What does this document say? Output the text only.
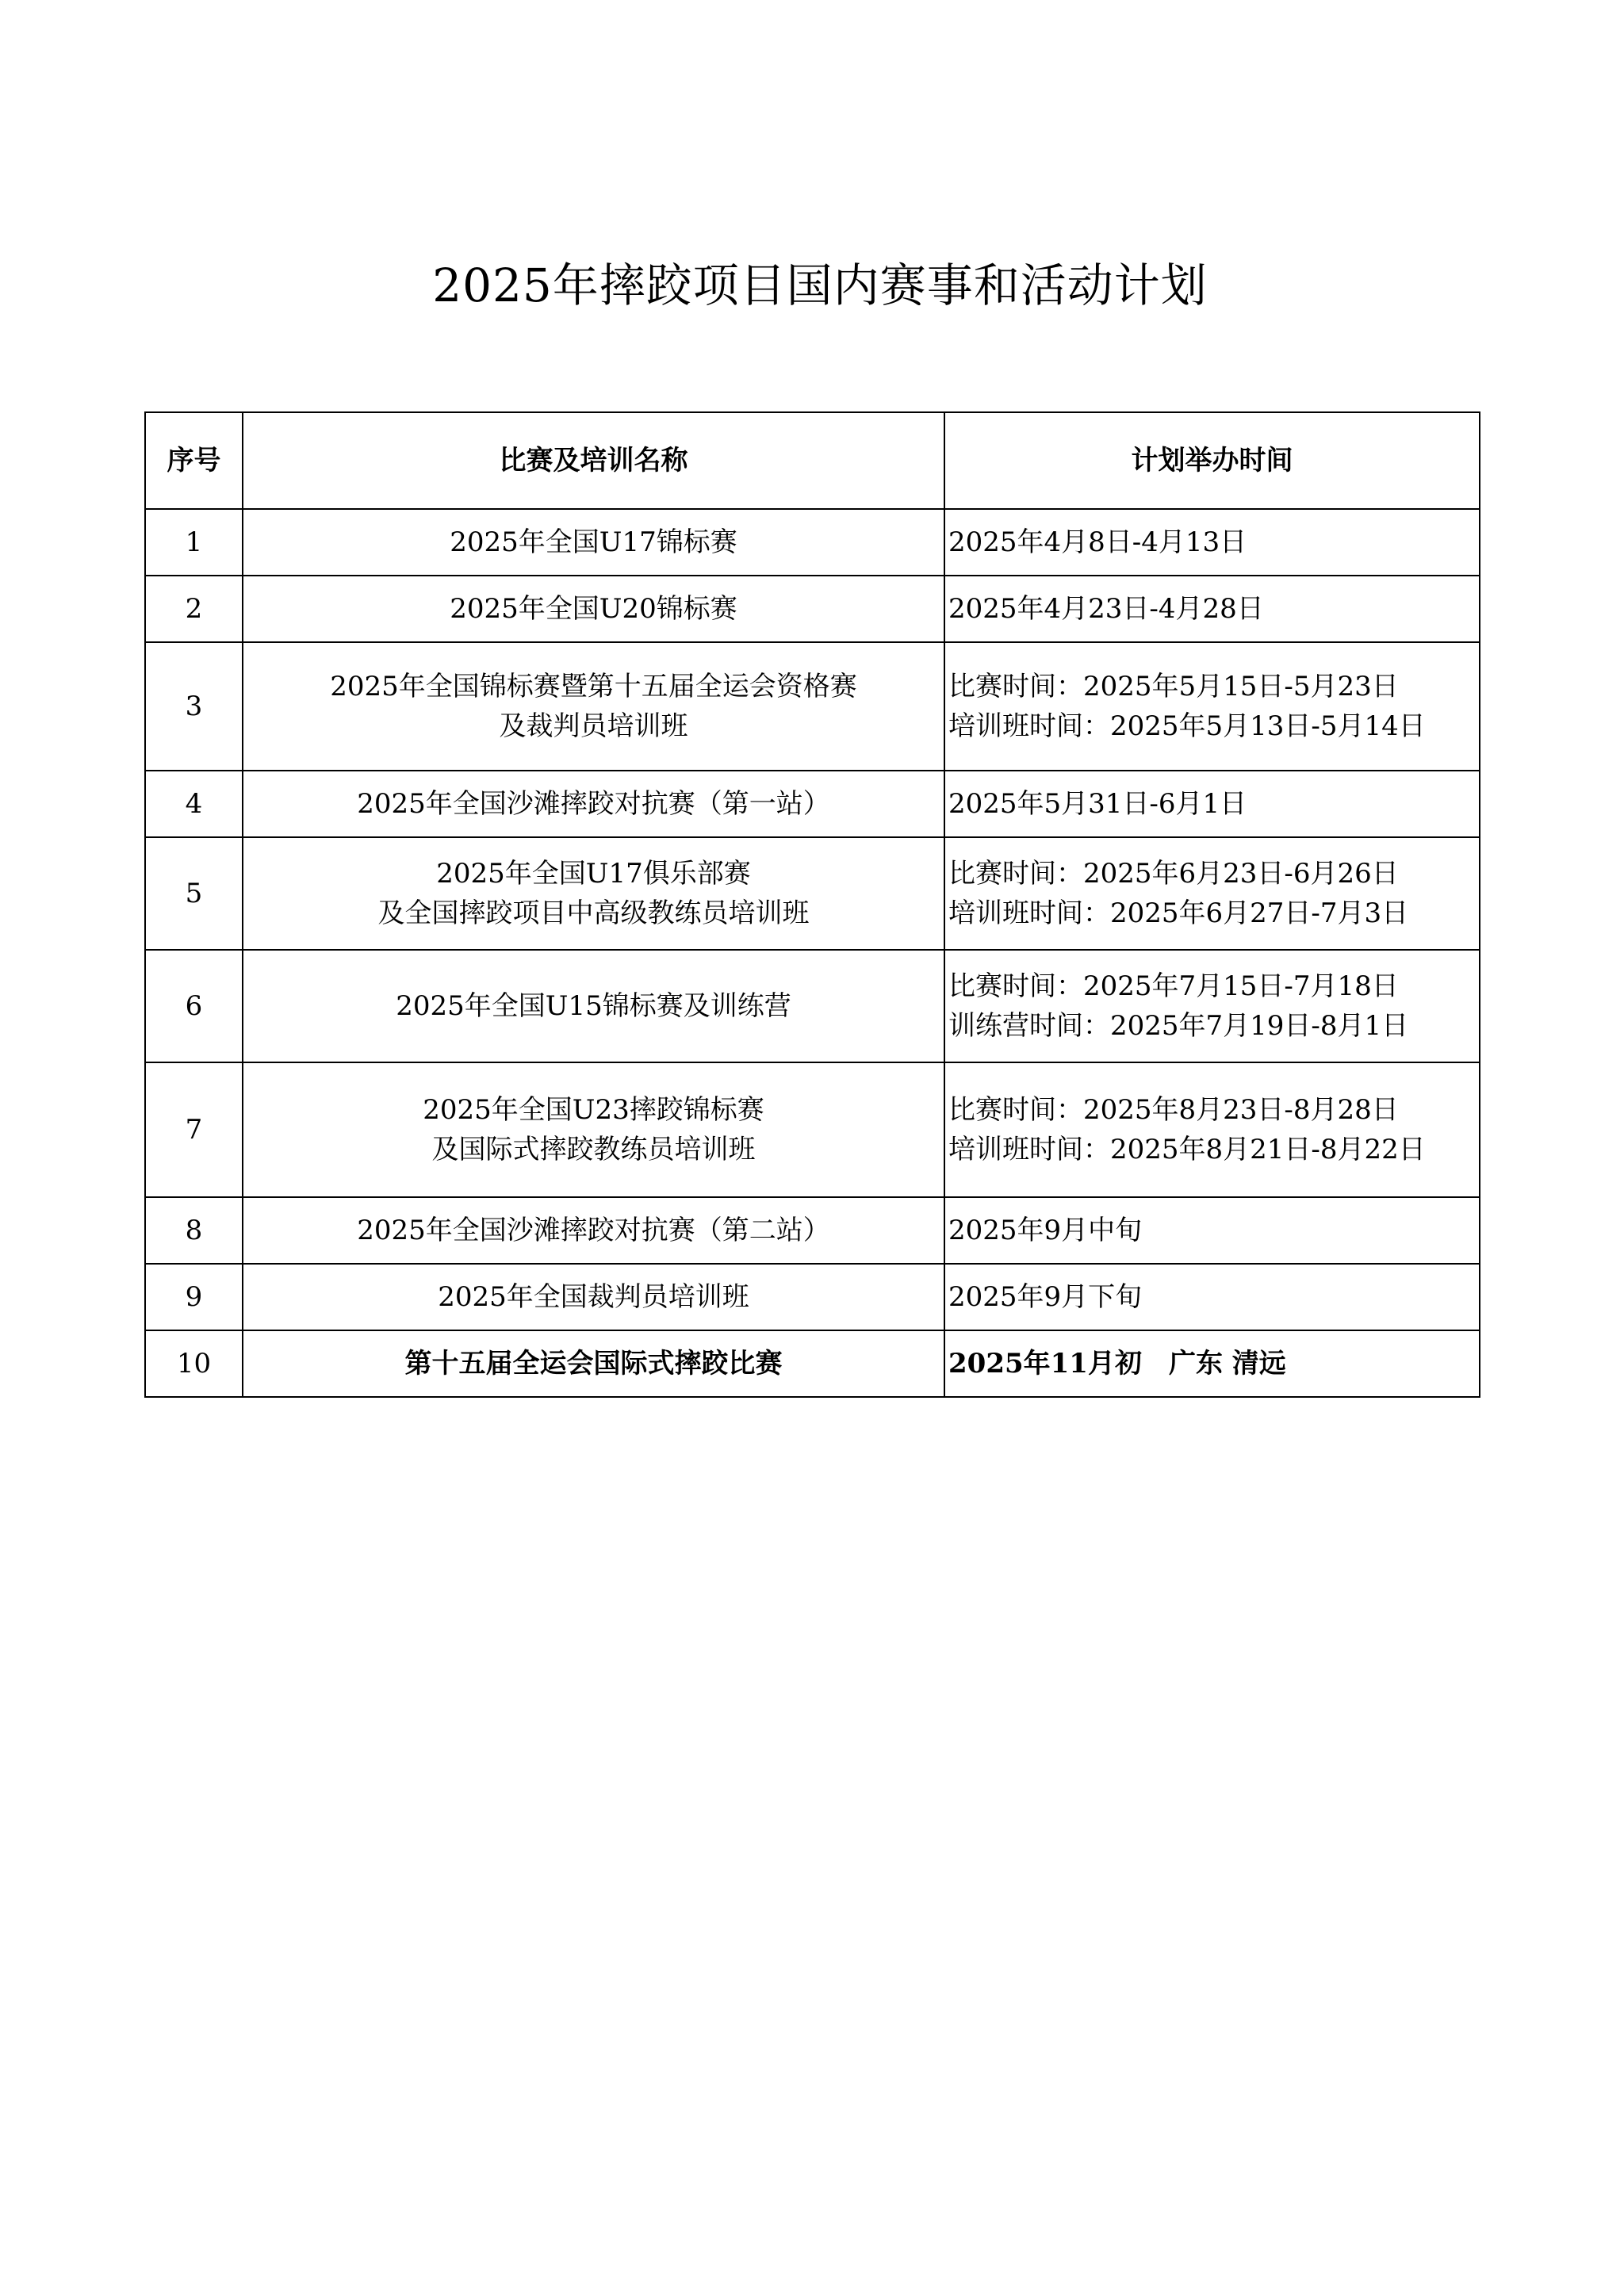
2025年摔跤项目国内赛事和活动计划
序号	比赛及培训名称	计划举办时间
1	2025年全国U17锦标赛	2025年4月8日-4月13日

2	2025年全国U20锦标赛	2025年4月23日-4月28日

3	2025年全国锦标赛暨第十五届全运会资格赛
及裁判员培训班	比赛时间：2025年5月15日-5月23日
培训班时间：2025年5月13日-5月14日

4	2025年全国沙滩摔跤对抗赛（第一站）	2025年5月31日-6月1日

5	2025年全国U17俱乐部赛
及全国摔跤项目中高级教练员培训班	比赛时间：2025年6月23日-6月26日
培训班时间：2025年6月27日-7月3日

6	2025年全国U15锦标赛及训练营	比赛时间：2025年7月15日-7月18日
训练营时间：2025年7月19日-8月1日

7	2025年全国U23摔跤锦标赛
及国际式摔跤教练员培训班	比赛时间：2025年8月23日-8月28日
培训班时间：2025年8月21日-8月22日

8	2025年全国沙滩摔跤对抗赛（第二站）	2025年9月中旬

9	2025年全国裁判员培训班	2025年9月下旬

10	第十五届全运会国际式摔跤比赛	2025年11月初　广东 清远
